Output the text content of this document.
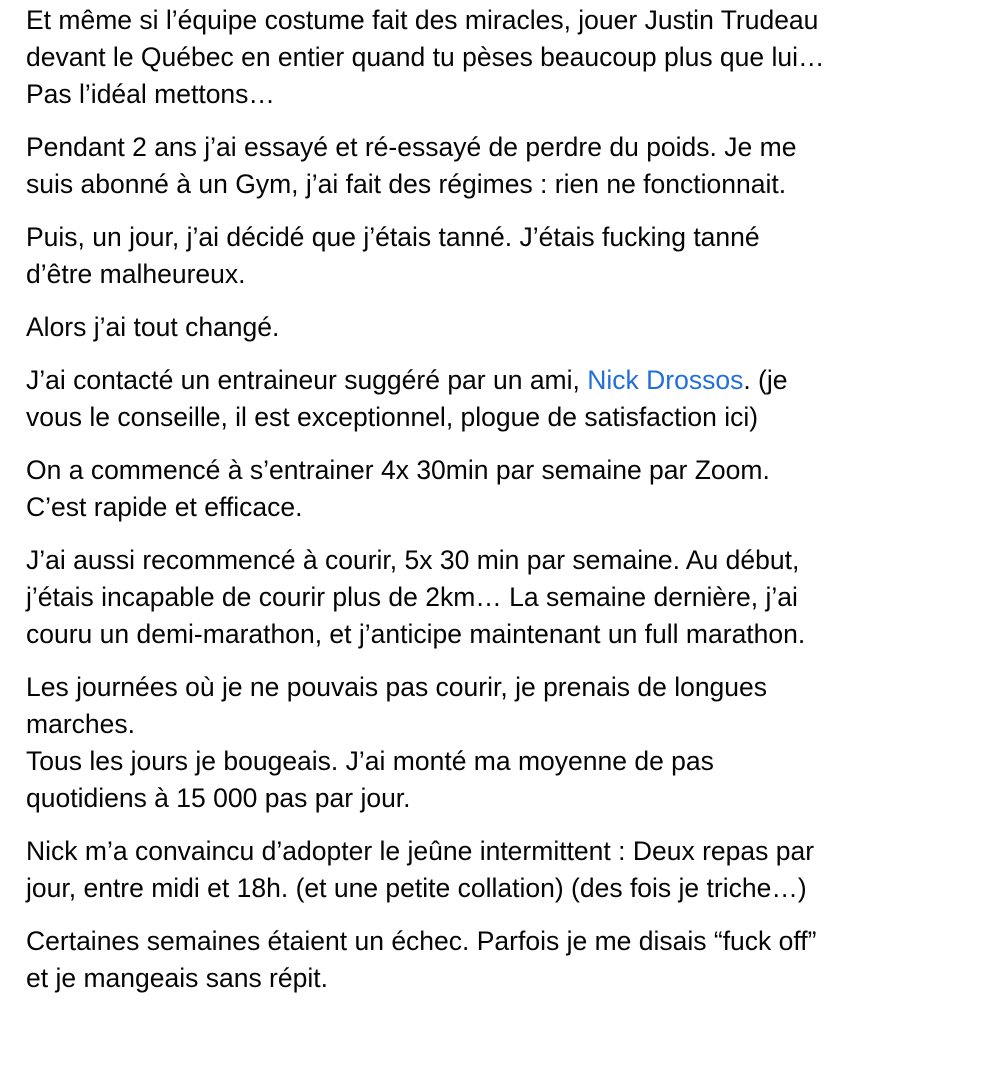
Et même si l’équipe costume fait des miracles, jouer Justin Trudeau
devant le Québec en entier quand tu pèses beaucoup plus que lui…
Pas l’idéal mettons…

Pendant 2 ans j’ai essayé et ré-essayé de perdre du poids. Je me
suis abonné à un Gym, j’ai fait des régimes : rien ne fonctionnait.

Puis, un jour, j’ai décidé que j’étais tanné. J’étais fucking tanné
d’être malheureux.

Alors j’ai tout changé.

J’ai contacté un entraineur suggéré par un ami, Nick Drossos. (je
vous le conseille, il est exceptionnel, plogue de satisfaction ici)

On a commencé à s’entrainer 4x 30min par semaine par Zoom.
C’est rapide et efficace.

J’ai aussi recommencé à courir, 5x 30 min par semaine. Au début,
j’étais incapable de courir plus de 2km… La semaine dernière, j’ai
couru un demi-marathon, et j’anticipe maintenant un full marathon.

Les journées où je ne pouvais pas courir, je prenais de longues
marches.
Tous les jours je bougeais. J’ai monté ma moyenne de pas
quotidiens à 15 000 pas par jour.

Nick m’a convaincu d’adopter le jeûne intermittent : Deux repas par
jour, entre midi et 18h. (et une petite collation) (des fois je triche…)

Certaines semaines étaient un échec. Parfois je me disais “fuck off”
et je mangeais sans répit.
